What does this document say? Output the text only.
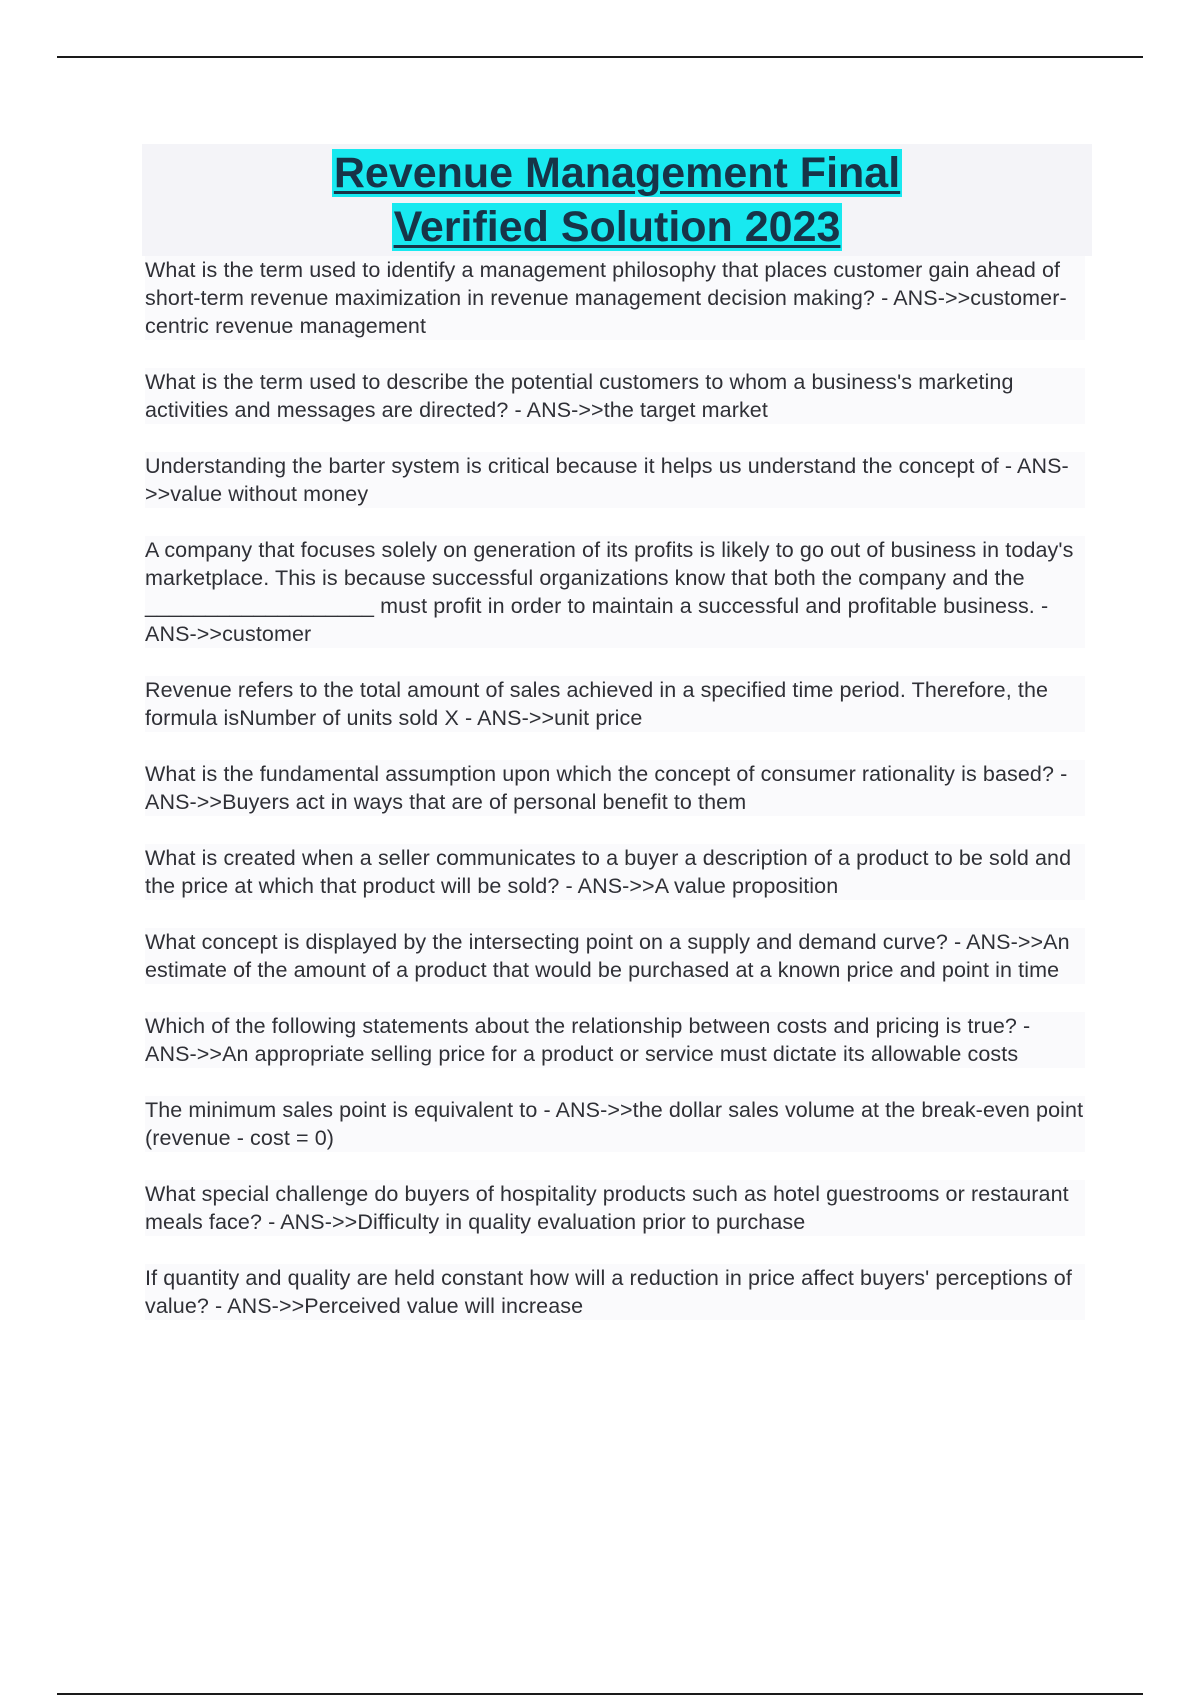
Revenue Management Final
Verified Solution 2023

What is the term used to identify a management philosophy that places customer gain ahead of short-term revenue maximization in revenue management decision making? - ANS->>customer-centric revenue management

What is the term used to describe the potential customers to whom a business's marketing activities and messages are directed? - ANS->>the target market

Understanding the barter system is critical because it helps us understand the concept of - ANS->>value without money

A company that focuses solely on generation of its profits is likely to go out of business in today's marketplace. This is because successful organizations know that both the company and the ___________________ must profit in order to maintain a successful and profitable business. - ANS->>customer

Revenue refers to the total amount of sales achieved in a specified time period. Therefore, the formula isNumber of units sold X - ANS->>unit price

What is the fundamental assumption upon which the concept of consumer rationality is based? - ANS->>Buyers act in ways that are of personal benefit to them

What is created when a seller communicates to a buyer a description of a product to be sold and the price at which that product will be sold? - ANS->>A value proposition

What concept is displayed by the intersecting point on a supply and demand curve? - ANS->>An estimate of the amount of a product that would be purchased at a known price and point in time

Which of the following statements about the relationship between costs and pricing is true? - ANS->>An appropriate selling price for a product or service must dictate its allowable costs

The minimum sales point is equivalent to - ANS->>the dollar sales volume at the break-even point (revenue - cost = 0)

What special challenge do buyers of hospitality products such as hotel guestrooms or restaurant meals face? - ANS->>Difficulty in quality evaluation prior to purchase

If quantity and quality are held constant how will a reduction in price affect buyers' perceptions of value? - ANS->>Perceived value will increase
